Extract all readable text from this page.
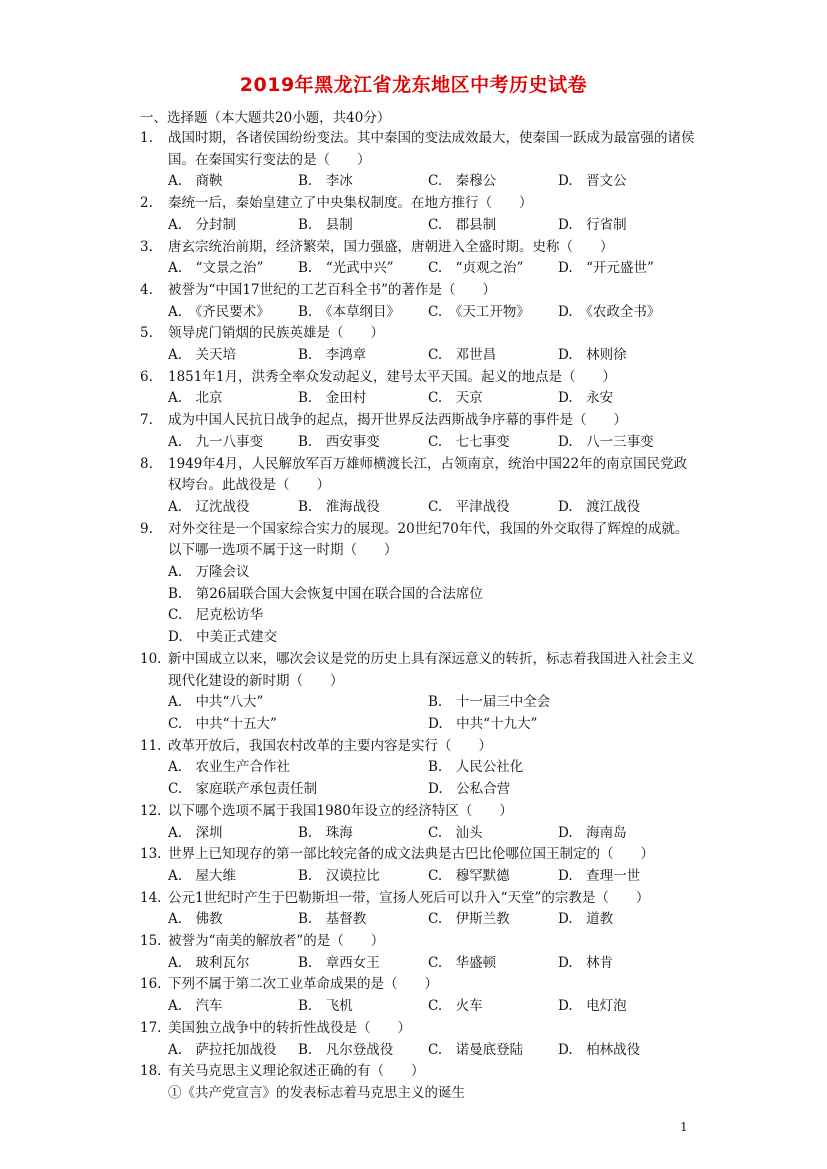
2019年黑龙江省龙东地区中考历史试卷
一、选择题（本大题共20小题，共40分）
1.	战国时期，各诸侯国纷纷变法。其中秦国的变法成效最大，使秦国一跃成为最富强的诸侯国。在秦国实行变法的是（　　）
A.　商鞅	B.　李冰	C.　秦穆公	D.　晋文公
2.	秦统一后，秦始皇建立了中央集权制度。在地方推行（　　）
A.　分封制	B.　县制	C.　郡县制	D.　行省制
3.	唐玄宗统治前期，经济繁荣，国力强盛，唐朝进入全盛时期。史称（　　）
A.　“文景之治”	B.　“光武中兴”	C.　“贞观之治”	D.　“开元盛世”
4.	被誉为“中国17世纪的工艺百科全书”的著作是（　　）
A.　《齐民要术》	B.　《本草纲目》	C.　《天工开物》	D.　《农政全书》
5.	领导虎门销烟的民族英雄是（　　）
A.　关天培	B.　李鸿章	C.　邓世昌	D.　林则徐
6.	1851年1月，洪秀全率众发动起义，建号太平天国。起义的地点是（　　）
A.　北京	B.　金田村	C.　天京	D.　永安
7.	成为中国人民抗日战争的起点，揭开世界反法西斯战争序幕的事件是（　　）
A.　九一八事变	B.　西安事变	C.　七七事变	D.　八一三事变
8.	1949年4月，人民解放军百万雄师横渡长江，占领南京，统治中国22年的南京国民党政权垮台。此战役是（　　）
A.　辽沈战役	B.　淮海战役	C.　平津战役	D.　渡江战役
9.	对外交往是一个国家综合实力的展现。20世纪70年代，我国的外交取得了辉煌的成就。以下哪一选项不属于这一时期（　　）
A.　万隆会议
B.　第26届联合国大会恢复中国在联合国的合法席位
C.　尼克松访华
D.　中美正式建交
10. 新中国成立以来，哪次会议是党的历史上具有深远意义的转折，标志着我国进入社会主义现代化建设的新时期（　　）
A.　中共“八大”	B.　十一届三中全会
C.　中共“十五大”	D.　中共“十九大”
11. 改革开放后，我国农村改革的主要内容是实行（　　）
A.　农业生产合作社	B.　人民公社化
C.　家庭联产承包责任制	D.　公私合营
12. 以下哪个选项不属于我国1980年设立的经济特区（　　）
A.　深圳	B.　珠海	C.　汕头	D.　海南岛
13. 世界上已知现存的第一部比较完备的成文法典是古巴比伦哪位国王制定的（　　）
A.　屋大维	B.　汉谟拉比	C.　穆罕默德	D.　查理一世
14. 公元1世纪时产生于巴勒斯坦一带，宣扬人死后可以升入“天堂”的宗教是（　　）
A.　佛教	B.　基督教	C.　伊斯兰教	D.　道教
15. 被誉为“南美的解放者”的是（　　）
A.　玻利瓦尔	B.　章西女王	C.　华盛顿	D.　林肯
16. 下列不属于第二次工业革命成果的是（　　）
A.　汽车	B.　飞机	C.　火车	D.　电灯泡
17. 美国独立战争中的转折性战役是（　　）
A.　萨拉托加战役	B.　凡尔登战役	C.　诺曼底登陆	D.　柏林战役
18. 有关马克思主义理论叙述正确的有（　　）
①《共产党宣言》的发表标志着马克思主义的诞生
1
